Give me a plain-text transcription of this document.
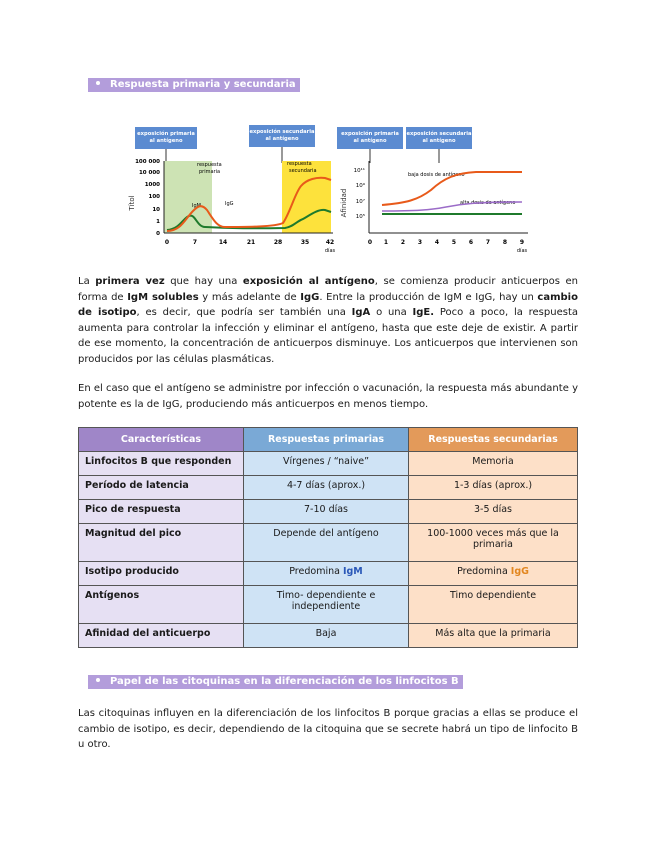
Respuesta primaria y secundaria
exposición primaria
al antígeno
exposición secundaria
al antígeno
Títol
100 000
10 000
1000
100
10
1
0
0	7	14	21	28	35	42
días
respuesta
primaria
respuesta
secundaria
IgM	IgG
exposición primaria
al antígeno
exposición secundaria
al antígeno
Afinidad
10¹¹
10⁹
10⁷
10⁵
0 1 2 3 4 5 6 7 8 9
días
baja dosis de antígeno
alta dosis de antígeno
La primera vez que hay una exposición al antígeno, se comienza producir anticuerpos en forma de IgM solubles y más adelante de IgG. Entre la producción de IgM e IgG, hay un cambio de isotipo, es decir, que podría ser también una IgA o una IgE. Poco a poco, la respuesta aumenta para controlar la infección y eliminar el antígeno, hasta que este deje de existir. A partir de ese momento, la concentración de anticuerpos disminuye. Los anticuerpos que intervienen son producidos por las células plasmáticas.
En el caso que el antígeno se administre por infección o vacunación, la respuesta más abundante y potente es la de IgG, produciendo más anticuerpos en menos tiempo.
Características	Respuestas primarias	Respuestas secundarias
Linfocitos B que responden	Vírgenes / “naive”	Memoria
Período de latencia	4-7 días (aprox.)	1-3 días (aprox.)
Pico de respuesta	7-10 días	3-5 días
Magnitud del pico	Depende del antígeno	100-1000 veces más que la primaria
Isotipo producido	Predomina IgM	Predomina IgG
Antígenos	Timo- dependiente e independiente	Timo dependiente
Afinidad del anticuerpo	Baja	Más alta que la primaria
Papel de las citoquinas en la diferenciación de los linfocitos B
Las citoquinas influyen en la diferenciación de los linfocitos B porque gracias a ellas se produce el cambio de isotipo, es decir, dependiendo de la citoquina que se secrete habrá un tipo de linfocito B u otro.
